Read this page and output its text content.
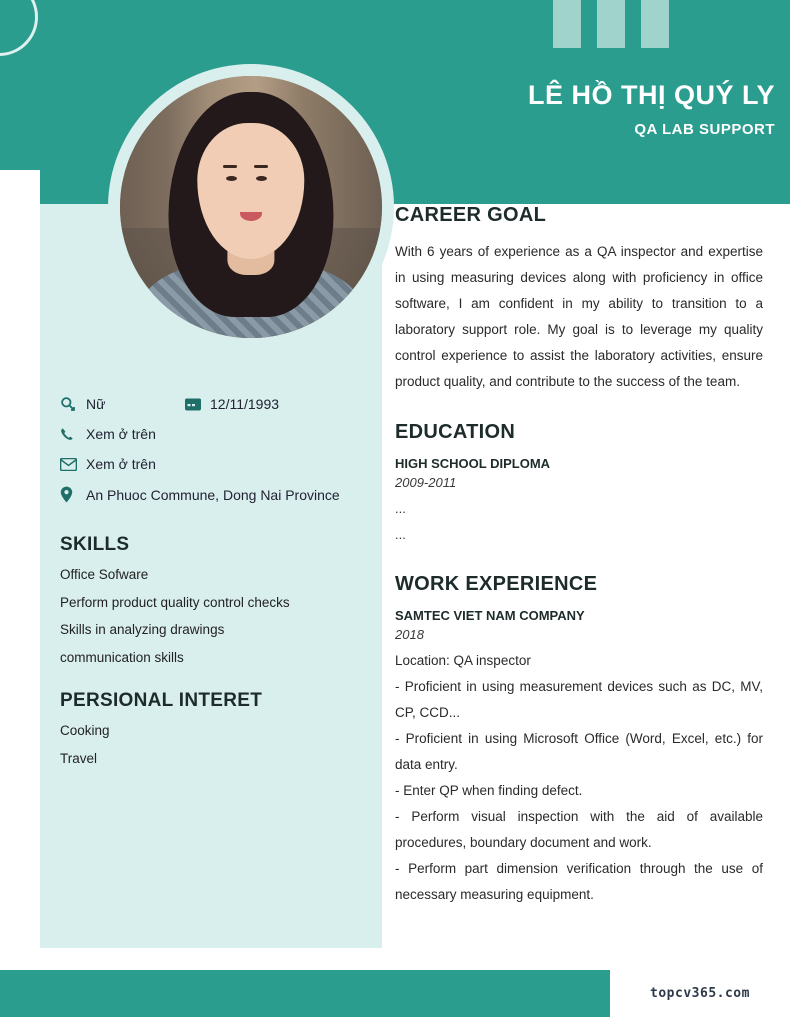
LÊ HỒ THỊ QUÝ LY
QA LAB SUPPORT
Nữ	12/11/1993
Xem ở trên
Xem ở trên
An Phuoc Commune, Dong Nai Province
SKILLS
Office Sofware
Perform product quality control checks
Skills in analyzing drawings
communication skills
PERSIONAL INTERET
Cooking
Travel
CAREER GOAL
With 6 years of experience as a QA inspector and expertise in using measuring devices along with proficiency in office software, I am confident in my ability to transition to a laboratory support role. My goal is to leverage my quality control experience to assist the laboratory activities, ensure product quality, and contribute to the success of the team.
EDUCATION
HIGH SCHOOL DIPLOMA
2009-2011
...
...
WORK EXPERIENCE
SAMTEC VIET NAM COMPANY
2018
Location: QA inspector
- Proficient in using measurement devices such as DC, MV, CP, CCD...
- Proficient in using Microsoft Office (Word, Excel, etc.) for data entry.
- Enter QP when finding defect.
- Perform visual inspection with the aid of available procedures, boundary document and work.
- Perform part dimension verification through the use of necessary measuring equipment.
topcv365.com
